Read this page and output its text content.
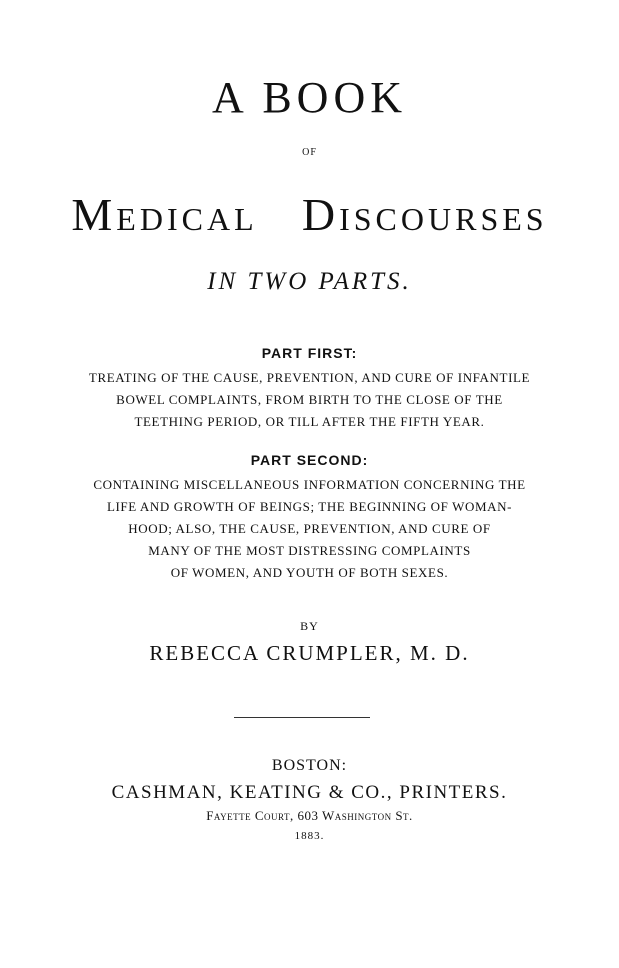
A BOOK
OF
MEDICAL DISCOURSES
IN TWO PARTS.
PART FIRST:
TREATING OF THE CAUSE, PREVENTION, AND CURE OF INFANTILE
BOWEL COMPLAINTS, FROM BIRTH TO THE CLOSE OF THE
TEETHING PERIOD, OR TILL AFTER THE FIFTH YEAR.
PART SECOND:
CONTAINING MISCELLANEOUS INFORMATION CONCERNING THE
LIFE AND GROWTH OF BEINGS; THE BEGINNING OF WOMAN-
HOOD; ALSO, THE CAUSE, PREVENTION, AND CURE OF
MANY OF THE MOST DISTRESSING COMPLAINTS
OF WOMEN, AND YOUTH OF BOTH SEXES.
BY
REBECCA CRUMPLER, M. D.
BOSTON:
CASHMAN, KEATING & CO., PRINTERS.
Fayette Court, 603 Washington St.
1883.
